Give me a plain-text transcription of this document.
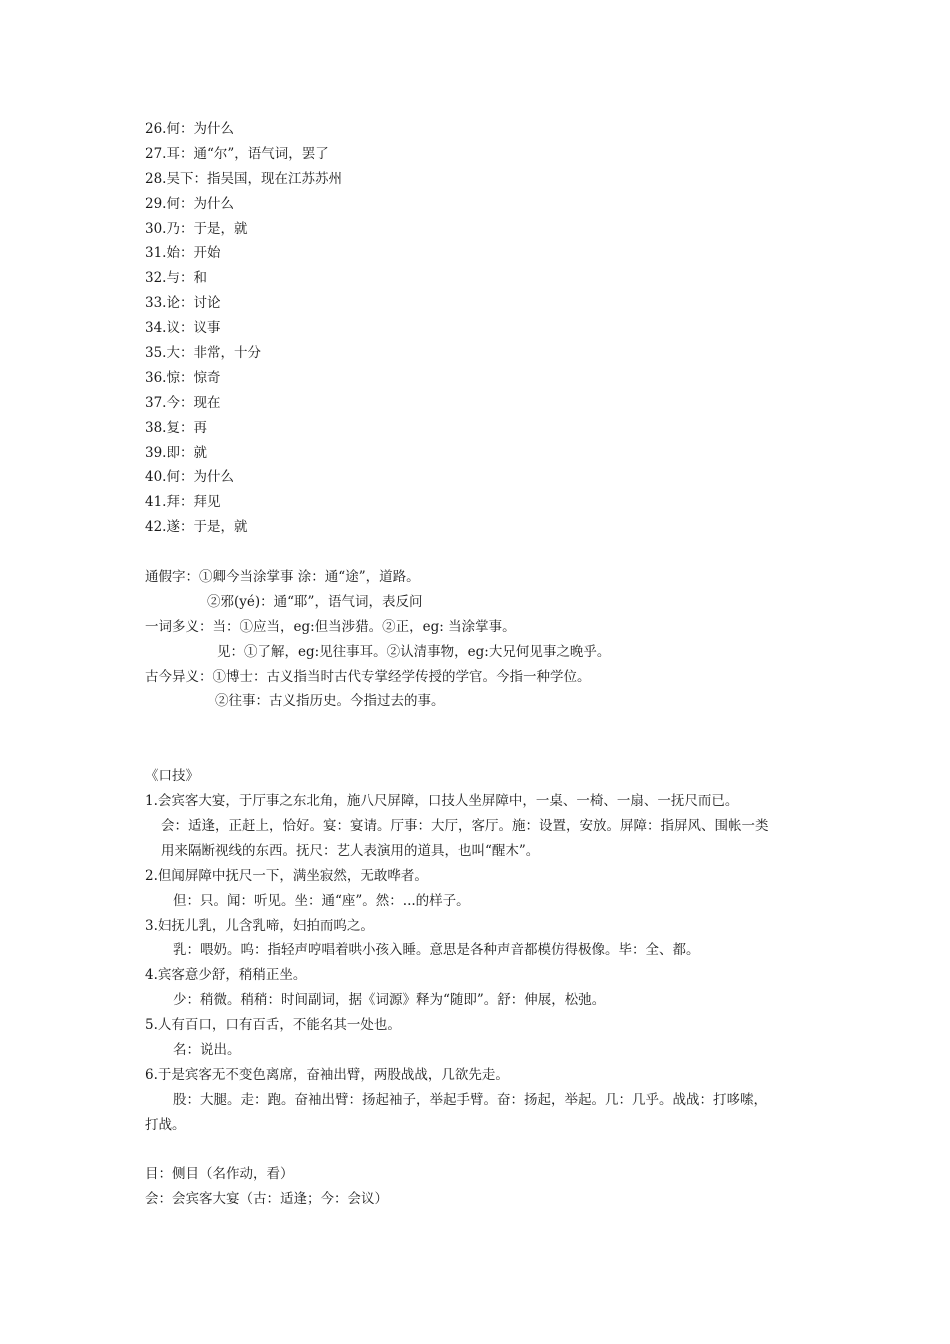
26.何：为什么
27.耳：通“尔”，语气词，罢了
28.吴下：指吴国，现在江苏苏州
29.何：为什么
30.乃：于是，就
31.始：开始
32.与：和
33.论：讨论
34.议：议事
35.大：非常，十分
36.惊：惊奇
37.今：现在
38.复：再
39.即：就
40.何：为什么
41.拜：拜见
42.遂：于是，就
通假字：①卿今当涂掌事 涂：通“途”，道路。
②邪(yé)：通“耶”，语气词，表反问
一词多义：当：①应当，eg:但当涉猎。②正，eg: 当涂掌事。
见：①了解，eg:见往事耳。②认清事物，eg:大兄何见事之晚乎。
古今异义：①博士：古义指当时古代专掌经学传授的学官。今指一种学位。
②往事：古义指历史。今指过去的事。
《口技》
1.会宾客大宴，于厅事之东北角，施八尺屏障，口技人坐屏障中，一桌、一椅、一扇、一抚尺而已。
会：适逢，正赶上，恰好。宴：宴请。厅事：大厅，客厅。施：设置，安放。屏障：指屏风、围帐一类
用来隔断视线的东西。抚尺：艺人表演用的道具，也叫“醒木”。
2.但闻屏障中抚尺一下，满坐寂然，无敢哗者。
但：只。闻：听见。坐：通“座”。然：...的样子。
3.妇抚儿乳，儿含乳啼，妇拍而呜之。
乳：喂奶。呜：指轻声哼唱着哄小孩入睡。意思是各种声音都模仿得极像。毕：全、都。
4.宾客意少舒，稍稍正坐。
少：稍微。稍稍：时间副词，据《词源》释为“随即”。舒：伸展，松弛。
5.人有百口，口有百舌，不能名其一处也。
名：说出。
6.于是宾客无不变色离席，奋袖出臂，两股战战，几欲先走。
股：大腿。走：跑。奋袖出臂：扬起袖子，举起手臂。奋：扬起，举起。几：几乎。战战：打哆嗦，
打战。
目：侧目（名作动，看）
会：会宾客大宴（古：适逢；今：会议）
